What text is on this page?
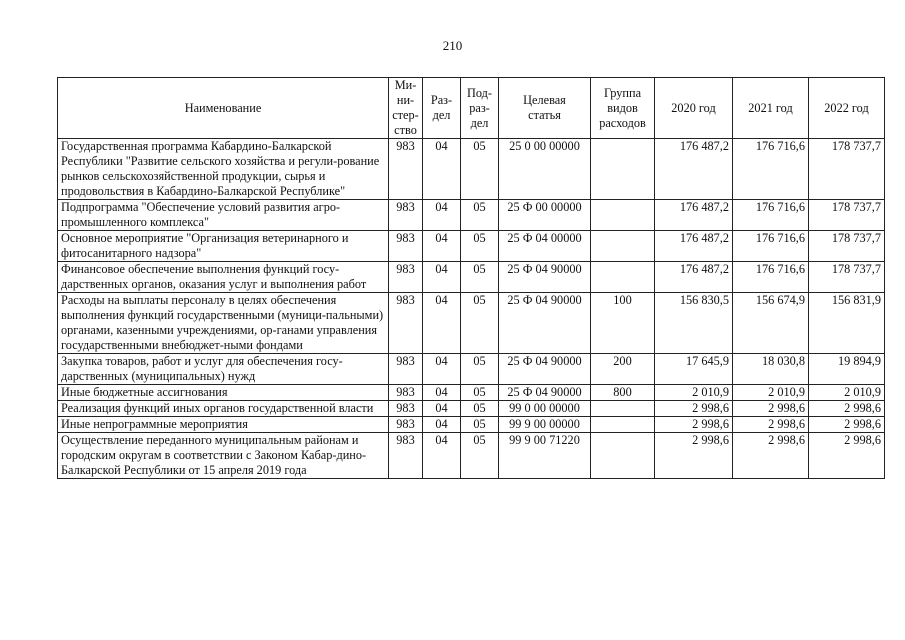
210
Наименование	Ми-
ни-
стер-
ство	Раз-
дел	Под-
раз-
дел	Целевая
статья	Группа
видов
расходов	2020 год	2021 год	2022 год
Государственная программа Кабардино-Балкарской Республики "Развитие сельского хозяйства и регули-рование рынков сельскохозяйственной продукции, сырья и продовольствия в Кабардино-Балкарской Республике"	983	04	05	25 0 00 00000		176 487,2	176 716,6	178 737,7
Подпрограмма "Обеспечение условий развития агро-промышленного комплекса"	983	04	05	25 Ф 00 00000		176 487,2	176 716,6	178 737,7
Основное мероприятие "Организация ветеринарного и фитосанитарного надзора"	983	04	05	25 Ф 04 00000		176 487,2	176 716,6	178 737,7
Финансовое обеспечение выполнения функций госу-дарственных органов, оказания услуг и выполнения работ	983	04	05	25 Ф 04 90000		176 487,2	176 716,6	178 737,7
Расходы на выплаты персоналу в целях обеспечения выполнения функций государственными (муници-пальными) органами, казенными учреждениями, ор-ганами управления государственными внебюджет-ными фондами	983	04	05	25 Ф 04 90000	100	156 830,5	156 674,9	156 831,9
Закупка товаров, работ и услуг для обеспечения госу-дарственных (муниципальных) нужд	983	04	05	25 Ф 04 90000	200	17 645,9	18 030,8	19 894,9
Иные бюджетные ассигнования	983	04	05	25 Ф 04 90000	800	2 010,9	2 010,9	2 010,9
Реализация функций иных органов государственной власти	983	04	05	99 0 00 00000		2 998,6	2 998,6	2 998,6
Иные непрограммные мероприятия	983	04	05	99 9 00 00000		2 998,6	2 998,6	2 998,6
Осуществление переданного муниципальным районам и городским округам в соответствии с Законом Кабар-дино-Балкарской Республики от 15 апреля 2019 года	983	04	05	99 9 00 71220		2 998,6	2 998,6	2 998,6
